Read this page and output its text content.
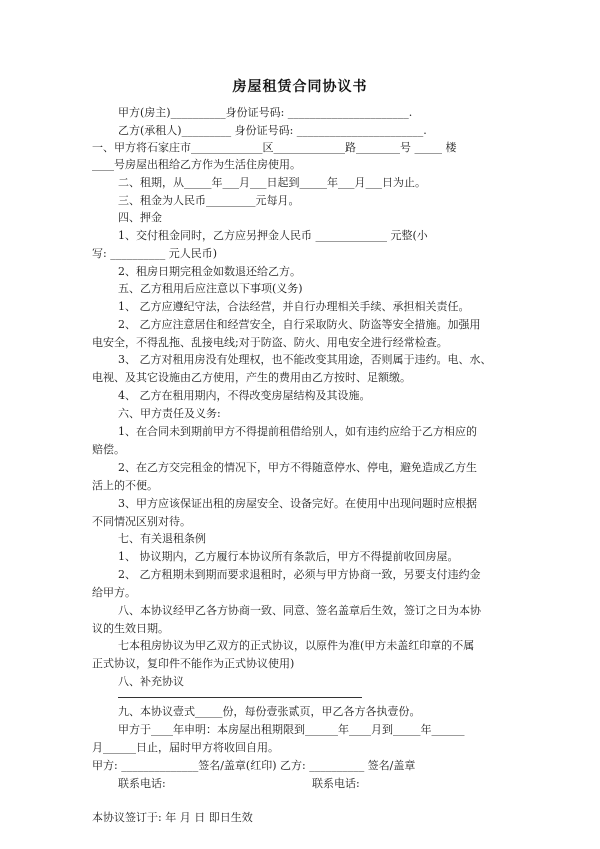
房屋租赁合同协议书
甲方(房主)__________身份证号码: ______________________.
乙方(承租人)_________ 身份证号码: _______________________.
一、甲方将石家庄市_____________区_____________路________号 _____ 楼
____号房屋出租给乙方作为生活住房使用。
二、租期，从_____年___月___日起到_____年___月___日为止。
三、租金为人民币_________元每月。
四、押金
1、交付租金同时，乙方应另押金人民币 _____________ 元整(小
写: __________ 元人民币)
2、租房日期完租金如数退还给乙方。
五、乙方租用后应注意以下事项(义务)
1、 乙方应遵纪守法，合法经营，并自行办理相关手续、承担相关责任。
2、 乙方应注意居住和经营安全，自行采取防火、防盗等安全措施。加强用
电安全，不得乱拖、乱接电线;对于防盗、防火、用电安全进行经常检查。
3、 乙方对租用房没有处理权，也不能改变其用途，否则属于违约。电、水、
电视、及其它设施由乙方使用，产生的费用由乙方按时、足额缴。
4、 乙方在租用期内，不得改变房屋结构及其设施。
六、甲方责任及义务:
1、在合同未到期前甲方不得提前租借给别人，如有违约应给于乙方相应的
赔偿。
2、在乙方交完租金的情况下，甲方不得随意停水、停电，避免造成乙方生
活上的不便。
3、甲方应该保证出租的房屋安全、设备完好。在使用中出现问题时应根据
不同情况区别对待。
七、有关退租条例
1、 协议期内，乙方履行本协议所有条款后，甲方不得提前收回房屋。
2、 乙方租期未到期而要求退租时，必须与甲方协商一致，另要支付违约金
给甲方。
八、本协议经甲乙各方协商一致、同意、签名盖章后生效，签订之日为本协
议的生效日期。
七本租房协议为甲乙双方的正式协议，以原件为准(甲方未盖红印章的不属
正式协议，复印件不能作为正式协议使用)
八、补充协议
九、本协议壹式_____份，每份壹张贰页，甲乙各方各执壹份。
甲方于____年申明：本房屋出租期限到______年____月到_____年______
月______日止，届时甲方将收回自用。
甲方: ______________签名/盖章(红印) 乙方: __________ 签名/盖章
联系电话:	联系电话:
本协议签订于: 年 月 日 即日生效
